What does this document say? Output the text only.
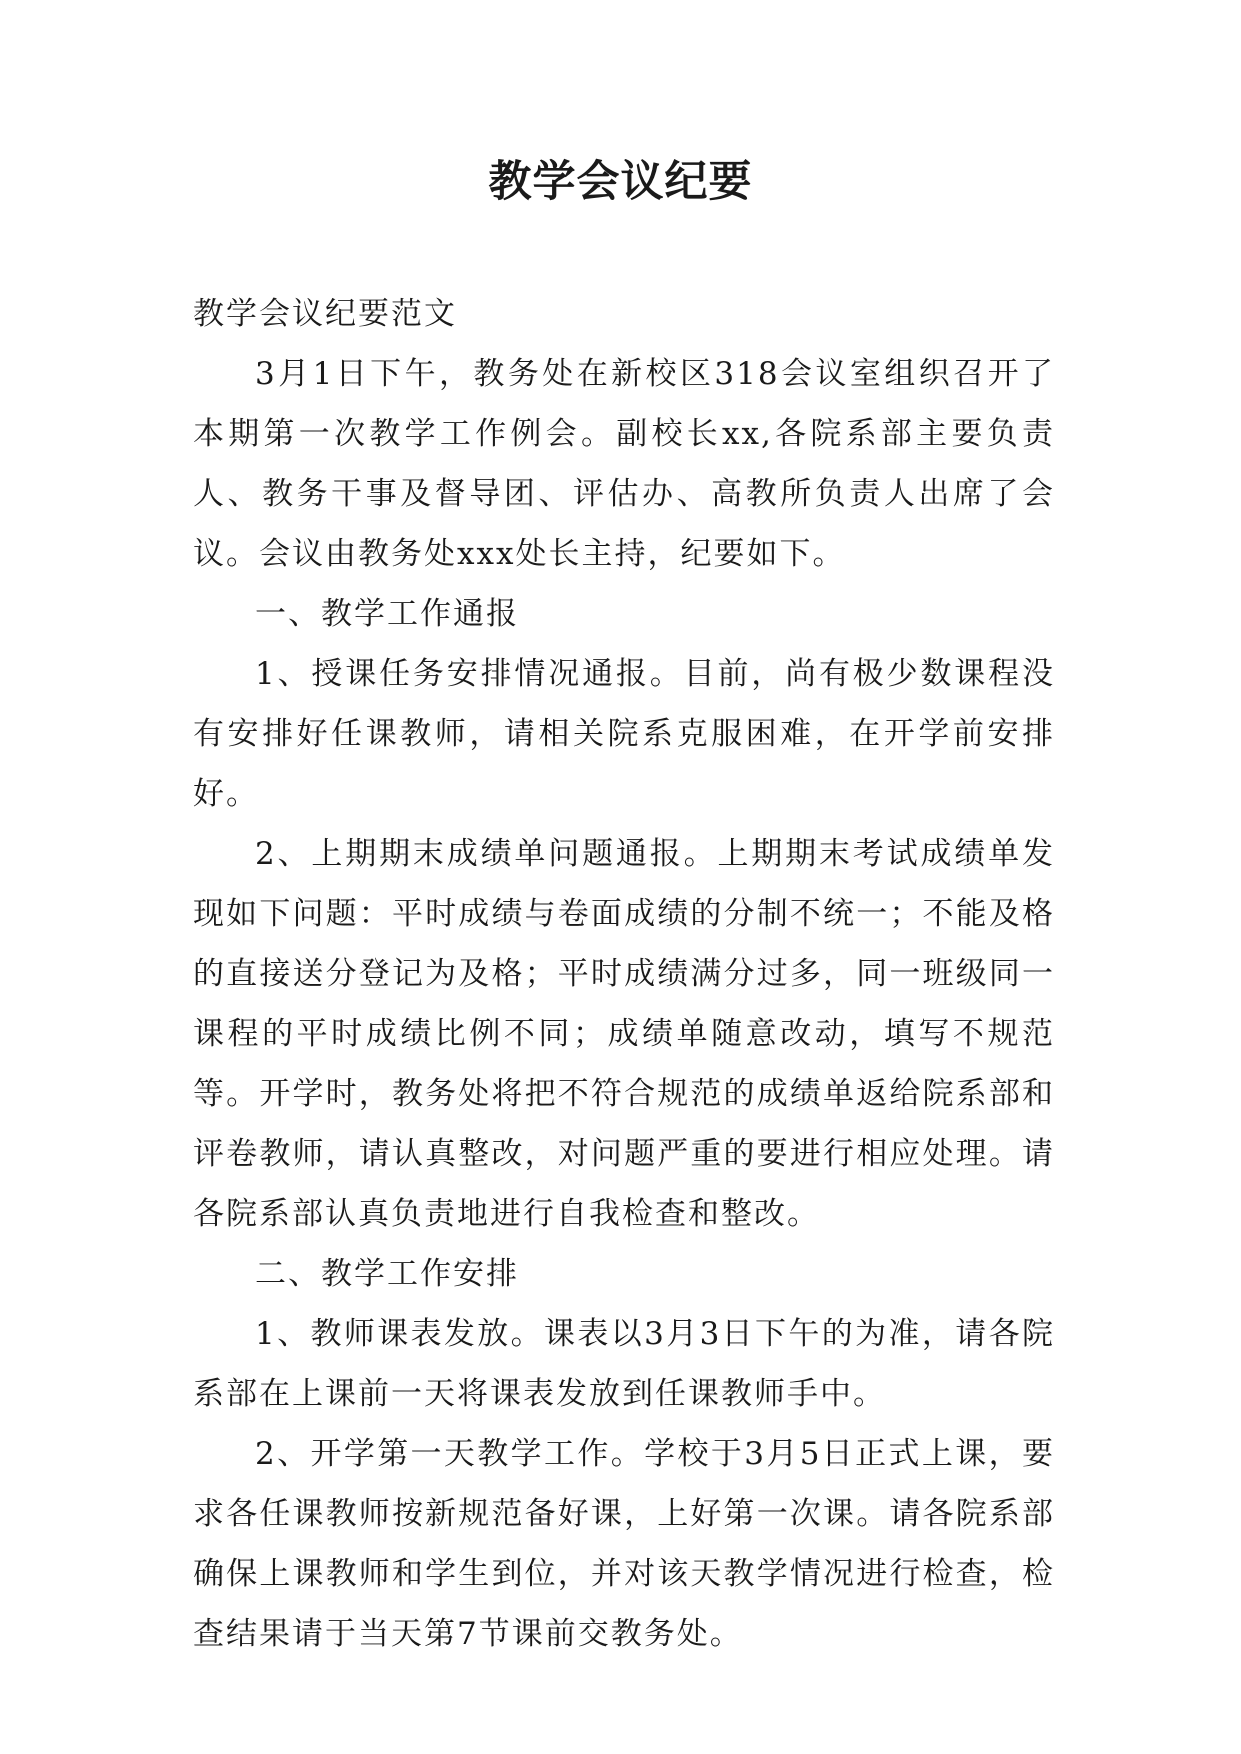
教学会议纪要

教学会议纪要范文

3月1日下午，教务处在新校区318会议室组织召开了本期第一次教学工作例会。副校长xx,各院系部主要负责人、教务干事及督导团、评估办、高教所负责人出席了会议。会议由教务处xxx处长主持，纪要如下。

一、教学工作通报

1、授课任务安排情况通报。目前，尚有极少数课程没有安排好任课教师，请相关院系克服困难，在开学前安排好。

2、上期期末成绩单问题通报。上期期末考试成绩单发现如下问题：平时成绩与卷面成绩的分制不统一；不能及格的直接送分登记为及格；平时成绩满分过多，同一班级同一课程的平时成绩比例不同；成绩单随意改动，填写不规范等。开学时，教务处将把不符合规范的成绩单返给院系部和评卷教师，请认真整改，对问题严重的要进行相应处理。请各院系部认真负责地进行自我检查和整改。

二、教学工作安排

1、教师课表发放。课表以3月3日下午的为准，请各院系部在上课前一天将课表发放到任课教师手中。

2、开学第一天教学工作。学校于3月5日正式上课，要求各任课教师按新规范备好课，上好第一次课。请各院系部确保上课教师和学生到位，并对该天教学情况进行检查，检查结果请于当天第7节课前交教务处。
